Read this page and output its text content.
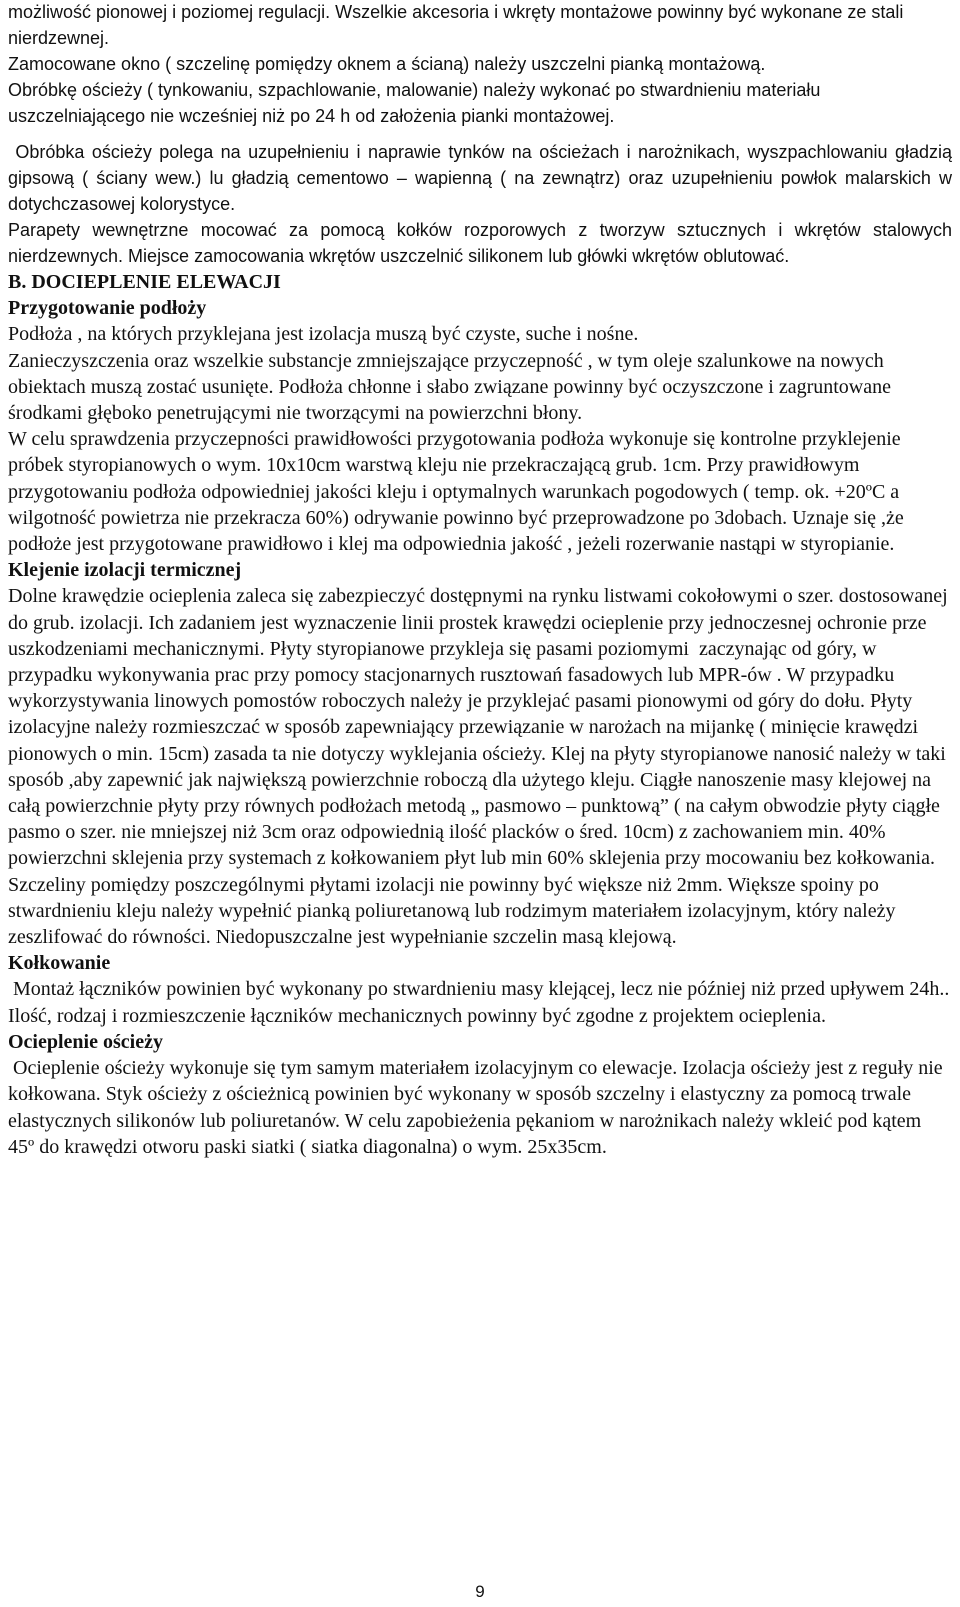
możliwość pionowej i poziomej regulacji. Wszelkie akcesoria i wkręty montażowe powinny być wykonane ze stali nierdzewnej.

Zamocowane okno ( szczelinę pomiędzy oknem a ścianą) należy uszczelni pianką montażową.

Obróbkę ościeży ( tynkowaniu, szpachlowanie, malowanie) należy wykonać po stwardnieniu materiału uszczelniającego nie wcześniej niż po 24 h od założenia pianki montażowej.

Obróbka ościeży polega na uzupełnieniu i naprawie tynków na ościeżach i narożnikach, wyszpachlowaniu gładzią gipsową ( ściany wew.) lu gładzią cementowo – wapienną ( na zewnątrz) oraz uzupełnieniu powłok malarskich w dotychczasowej kolorystyce.

Parapety wewnętrzne mocować za pomocą kołków rozporowych z tworzyw sztucznych i wkrętów stalowych nierdzewnych. Miejsce zamocowania wkrętów uszczelnić silikonem lub główki wkrętów oblutować.

B. DOCIEPLENIE ELEWACJI

Przygotowanie podłoży

Podłoża , na których przyklejana jest izolacja muszą być czyste, suche i nośne.

Zanieczyszczenia oraz wszelkie substancje zmniejszające przyczepność , w tym oleje szalunkowe na nowych obiektach muszą zostać usunięte. Podłoża chłonne i słabo związane powinny być oczyszczone i zagruntowane środkami głęboko penetrującymi nie tworzącymi na powierzchni błony.

W celu sprawdzenia przyczepności prawidłowości przygotowania podłoża wykonuje się kontrolne przyklejenie próbek styropianowych o wym. 10x10cm warstwą kleju nie przekraczającą grub. 1cm. Przy prawidłowym przygotowaniu podłoża odpowiedniej jakości kleju i optymalnych warunkach pogodowych ( temp. ok. +20ºC a wilgotność powietrza nie przekracza 60%) odrywanie powinno być przeprowadzone po 3dobach. Uznaje się ,że podłoże jest przygotowane prawidłowo i klej ma odpowiednia jakość , jeżeli rozerwanie nastąpi w styropianie.

Klejenie izolacji termicznej

Dolne krawędzie ocieplenia zaleca się zabezpieczyć dostępnymi na rynku listwami cokołowymi o szer. dostosowanej do grub. izolacji. Ich zadaniem jest wyznaczenie linii prostek krawędzi ocieplenie przy jednoczesnej ochronie prze uszkodzeniami mechanicznymi. Płyty styropianowe przykleja się pasami poziomymi  zaczynając od góry, w przypadku wykonywania prac przy pomocy stacjonarnych rusztowań fasadowych lub MPR-ów . W przypadku wykorzystywania linowych pomostów roboczych należy je przyklejać pasami pionowymi od góry do dołu. Płyty izolacyjne należy rozmieszczać w sposób zapewniający przewiązanie w narożach na mijankę ( minięcie krawędzi pionowych o min. 15cm) zasada ta nie dotyczy wyklejania ościeży. Klej na płyty styropianowe nanosić należy w taki sposób ,aby zapewnić jak największą powierzchnie roboczą dla użytego kleju. Ciągłe nanoszenie masy klejowej na całą powierzchnie płyty przy równych podłożach metodą „ pasmowo – punktową” ( na całym obwodzie płyty ciągłe pasmo o szer. nie mniejszej niż 3cm oraz odpowiednią ilość placków o śred. 10cm) z zachowaniem min. 40% powierzchni sklejenia przy systemach z kołkowaniem płyt lub min 60% sklejenia przy mocowaniu bez kołkowania. Szczeliny pomiędzy poszczególnymi płytami izolacji nie powinny być większe niż 2mm. Większe spoiny po stwardnieniu kleju należy wypełnić pianką poliuretanową lub rodzimym materiałem izolacyjnym, który należy zeszlifować do równości. Niedopuszczalne jest wypełnianie szczelin masą klejową.

Kołkowanie

Montaż łączników powinien być wykonany po stwardnieniu masy klejącej, lecz nie później niż przed upływem 24h.. Ilość, rodzaj i rozmieszczenie łączników mechanicznych powinny być zgodne z projektem ocieplenia.

Ocieplenie ościeży

Ocieplenie ościeży wykonuje się tym samym materiałem izolacyjnym co elewacje. Izolacja ościeży jest z reguły nie kołkowana. Styk ościeży z ościeżnicą powinien być wykonany w sposób szczelny i elastyczny za pomocą trwale elastycznych silikonów lub poliuretanów. W celu zapobieżenia pękaniom w narożnikach należy wkleić pod kątem 45º do krawędzi otworu paski siatki ( siatka diagonalna) o wym. 25x35cm.

9
